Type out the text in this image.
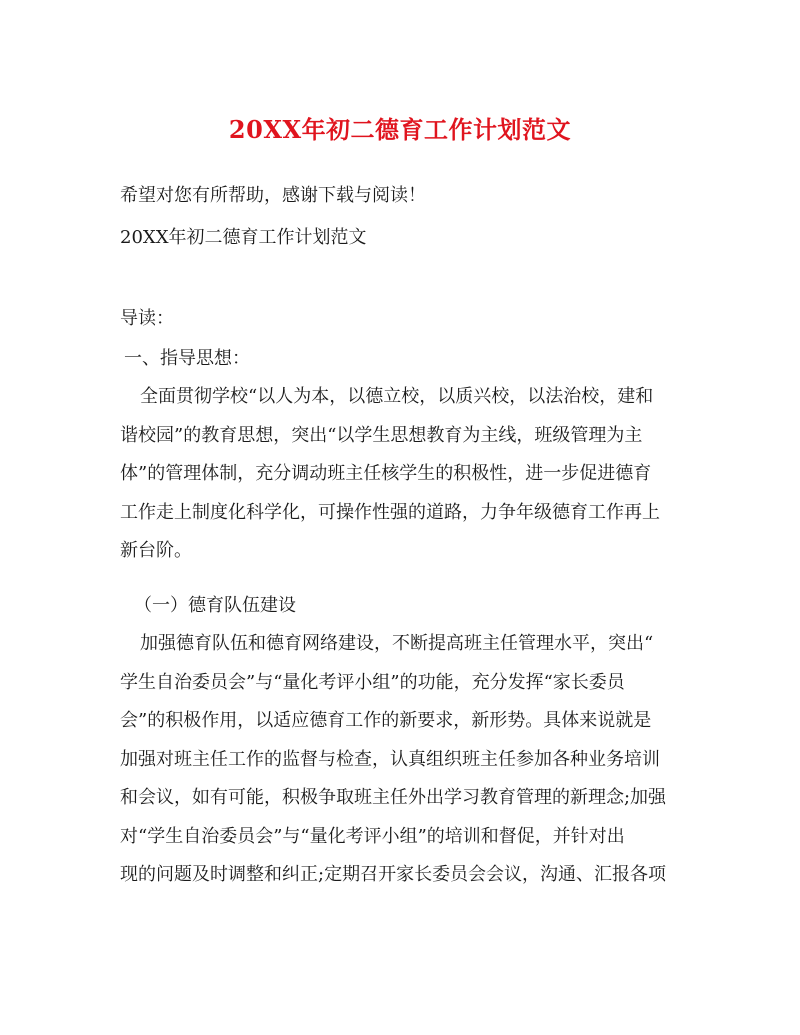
20XX年初二德育工作计划范文
希望对您有所帮助，感谢下载与阅读！
20XX年初二德育工作计划范文
导读：
一、指导思想：
全面贯彻学校“以人为本，以德立校，以质兴校，以法治校，建和
谐校园”的教育思想，突出“以学生思想教育为主线，班级管理为主
体”的管理体制，充分调动班主任核学生的积极性，进一步促进德育
工作走上制度化科学化，可操作性强的道路，力争年级德育工作再上
新台阶。
（一）德育队伍建设
加强德育队伍和德育网络建设，不断提高班主任管理水平，突出“
学生自治委员会”与“量化考评小组”的功能，充分发挥“家长委员
会”的积极作用，以适应德育工作的新要求，新形势。具体来说就是
加强对班主任工作的监督与检查，认真组织班主任参加各种业务培训
和会议，如有可能，积极争取班主任外出学习教育管理的新理念;加强
对“学生自治委员会”与“量化考评小组”的培训和督促，并针对出
现的问题及时调整和纠正;定期召开家长委员会会议，沟通、汇报各项
